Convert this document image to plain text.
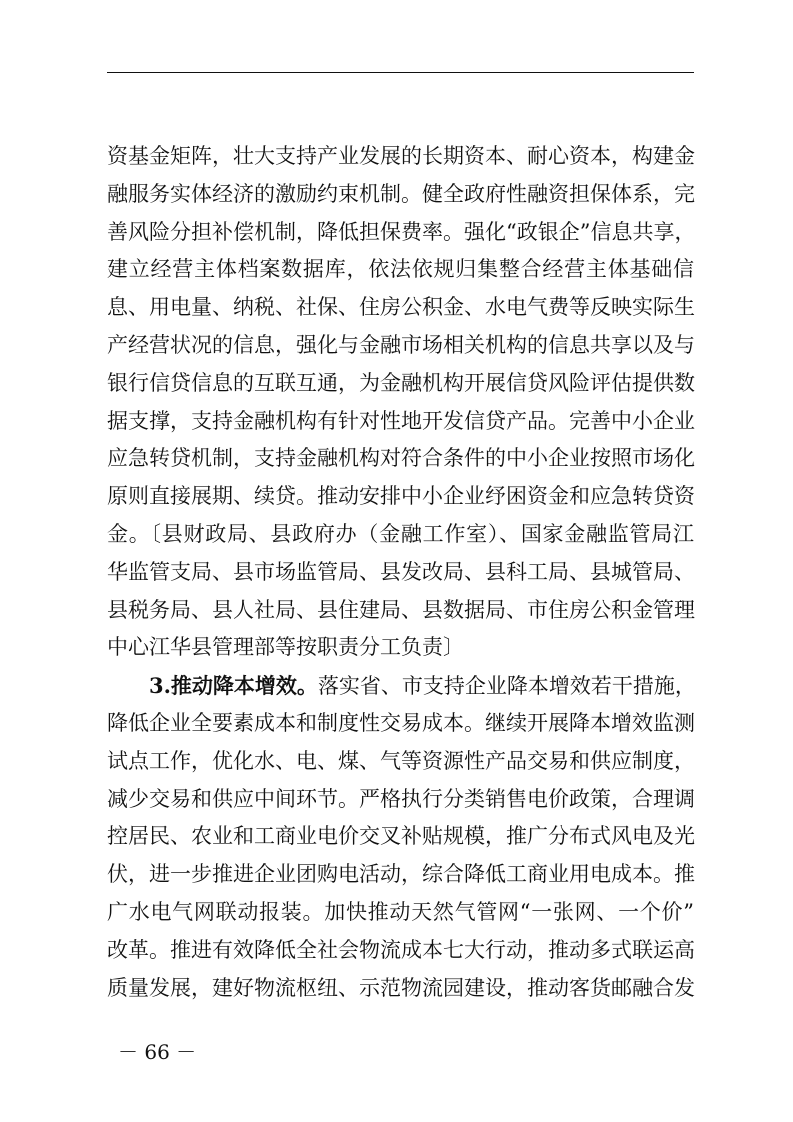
资基金矩阵，壮大支持产业发展的长期资本、耐心资本，构建金
融服务实体经济的激励约束机制。健全政府性融资担保体系，完
善风险分担补偿机制，降低担保费率。强化“政银企”信息共享，
建立经营主体档案数据库，依法依规归集整合经营主体基础信
息、用电量、纳税、社保、住房公积金、水电气费等反映实际生
产经营状况的信息，强化与金融市场相关机构的信息共享以及与
银行信贷信息的互联互通，为金融机构开展信贷风险评估提供数
据支撑，支持金融机构有针对性地开发信贷产品。完善中小企业
应急转贷机制，支持金融机构对符合条件的中小企业按照市场化
原则直接展期、续贷。推动安排中小企业纾困资金和应急转贷资
金。〔县财政局、县政府办（金融工作室）、国家金融监管局江
华监管支局、县市场监管局、县发改局、县科工局、县城管局、
县税务局、县人社局、县住建局、县数据局、市住房公积金管理
中心江华县管理部等按职责分工负责〕
3.推动降本增效。落实省、市支持企业降本增效若干措施，
降低企业全要素成本和制度性交易成本。继续开展降本增效监测
试点工作，优化水、电、煤、气等资源性产品交易和供应制度，
减少交易和供应中间环节。严格执行分类销售电价政策，合理调
控居民、农业和工商业电价交叉补贴规模，推广分布式风电及光
伏，进一步推进企业团购电活动，综合降低工商业用电成本。推
广水电气网联动报装。加快推动天然气管网“一张网、一个价”
改革。推进有效降低全社会物流成本七大行动，推动多式联运高
质量发展，建好物流枢纽、示范物流园建设，推动客货邮融合发
－ 66 －
